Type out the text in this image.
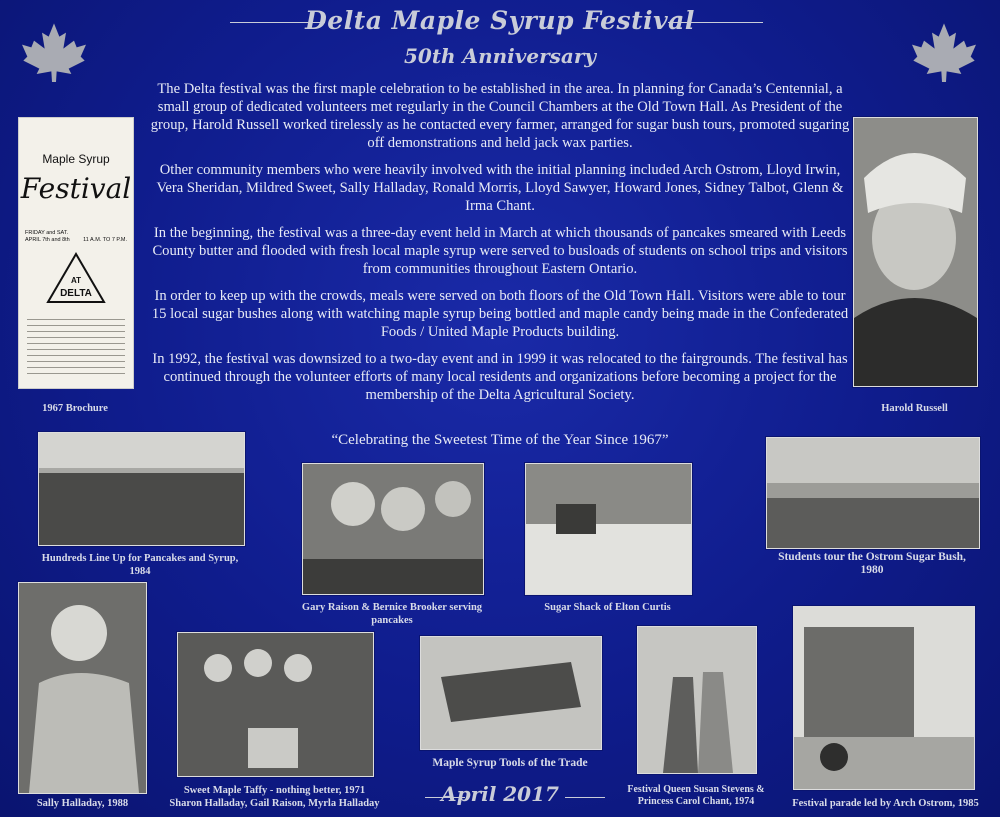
Delta Maple Syrup Festival
50th Anniversary

The Delta festival was the first maple celebration to be established in the area. In planning for Canada’s Centennial, a small group of dedicated volunteers met regularly in the Council Chambers at the Old Town Hall. As President of the group, Harold Russell worked tirelessly as he contacted every farmer, arranged for sugar bush tours, promoted sugaring off demonstrations and held jack wax parties.

Other community members who were heavily involved with the initial planning included Arch Ostrom, Lloyd Irwin, Vera Sheridan, Mildred Sweet, Sally Halladay, Ronald Morris, Lloyd Sawyer, Howard Jones, Sidney Talbot, Glenn & Irma Chant.

In the beginning, the festival was a three-day event held in March at which thousands of pancakes smeared with Leeds County butter and flooded with fresh local maple syrup were served to busloads of students on school trips and visitors from communities throughout Eastern Ontario.

In order to keep up with the crowds, meals were served on both floors of the Old Town Hall. Visitors were able to tour 15 local sugar bushes along with watching maple syrup being bottled and maple candy being made in the Confederated Foods / United Maple Products building.

In 1992, the festival was downsized to a two-day event and in 1999 it was relocated to the fairgrounds. The festival has continued through the volunteer efforts of many local residents and organizations before becoming a project for the membership of the Delta Agricultural Society.

“Celebrating the Sweetest Time of the Year Since 1967”
Maple Syrup
Festival
FRIDAY and SAT.
APRIL 7th and 8th 11 A.M. TO 7 P.M.
AT
DELTA
1967 Brochure	Harold Russell
Hundreds Line Up for Pancakes and Syrup, 1984
Gary Raison & Bernice Brooker serving pancakes
Sugar Shack of Elton Curtis
Students tour the Ostrom Sugar Bush, 1980
Sally Halladay, 1988
Sweet Maple Taffy - nothing better, 1971
Sharon Halladay, Gail Raison, Myrla Halladay
Maple Syrup Tools of the Trade
Festival Queen Susan Stevens & Princess Carol Chant, 1974	Festival parade led by Arch Ostrom, 1985
April 2017
